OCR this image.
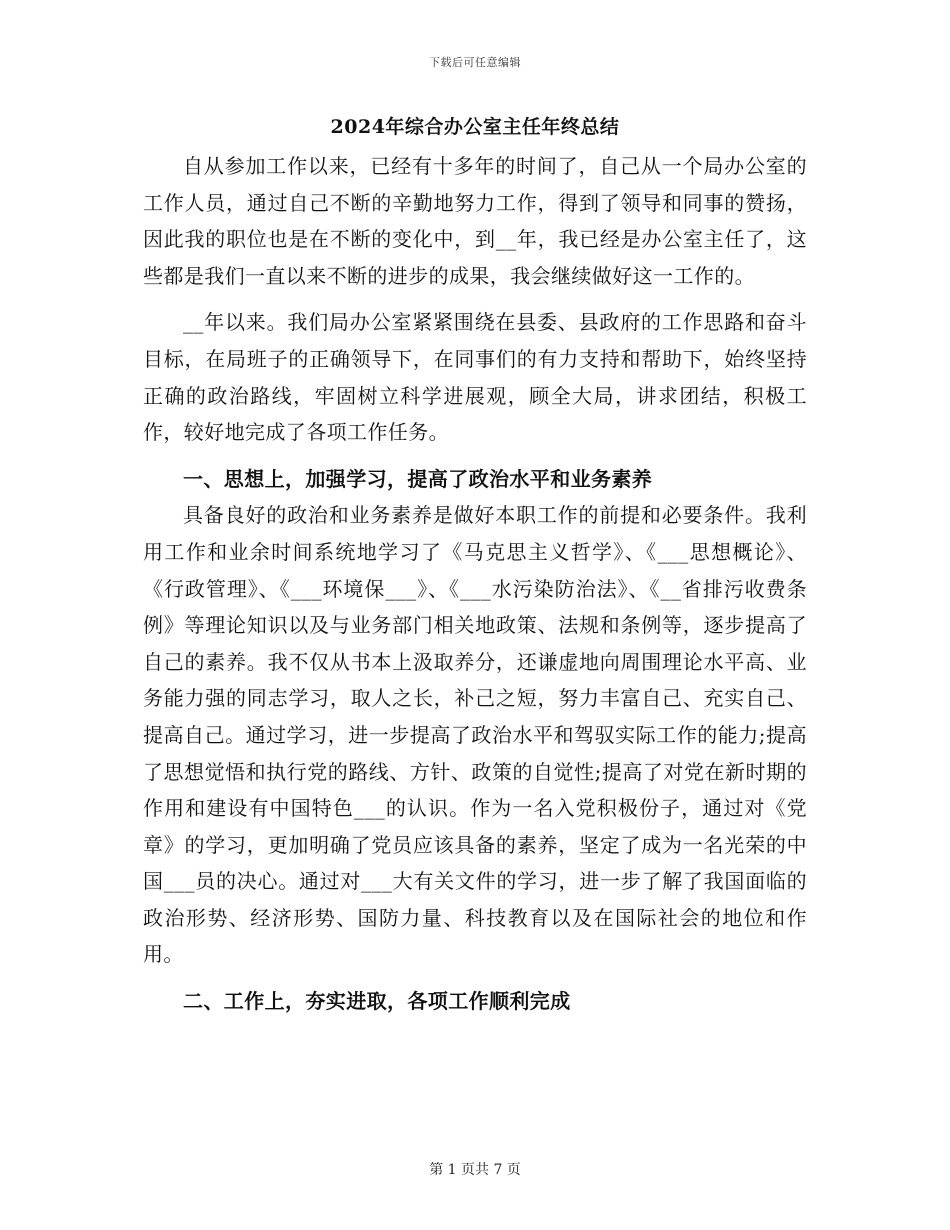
下载后可任意编辑
2024年综合办公室主任年终总结

自从参加工作以来，已经有十多年的时间了，自己从一个局办公室的工作人员，通过自己不断的辛勤地努力工作，得到了领导和同事的赞扬，因此我的职位也是在不断的变化中，到__年，我已经是办公室主任了，这些都是我们一直以来不断的进步的成果，我会继续做好这一工作的。

__年以来。我们局办公室紧紧围绕在县委、县政府的工作思路和奋斗目标，在局班子的正确领导下，在同事们的有力支持和帮助下，始终坚持正确的政治路线，牢固树立科学进展观，顾全大局，讲求团结，积极工作，较好地完成了各项工作任务。

一、思想上，加强学习，提高了政治水平和业务素养

具备良好的政治和业务素养是做好本职工作的前提和必要条件。我利用工作和业余时间系统地学习了《马克思主义哲学》、《___思想概论》、《行政管理》、《___环境保___》、《___水污染防治法》、《__省排污收费条例》等理论知识以及与业务部门相关地政策、法规和条例等，逐步提高了自己的素养。我不仅从书本上汲取养分，还谦虚地向周围理论水平高、业务能力强的同志学习，取人之长，补己之短，努力丰富自己、充实自己、提高自己。通过学习，进一步提高了政治水平和驾驭实际工作的能力;提高了思想觉悟和执行党的路线、方针、政策的自觉性;提高了对党在新时期的作用和建设有中国特色___的认识。作为一名入党积极份子，通过对《党章》的学习，更加明确了党员应该具备的素养，坚定了成为一名光荣的中国___员的决心。通过对___大有关文件的学习，进一步了解了我国面临的政治形势、经济形势、国防力量、科技教育以及在国际社会的地位和作用。

二、工作上，夯实进取，各项工作顺利完成

第 1 页共 7 页
